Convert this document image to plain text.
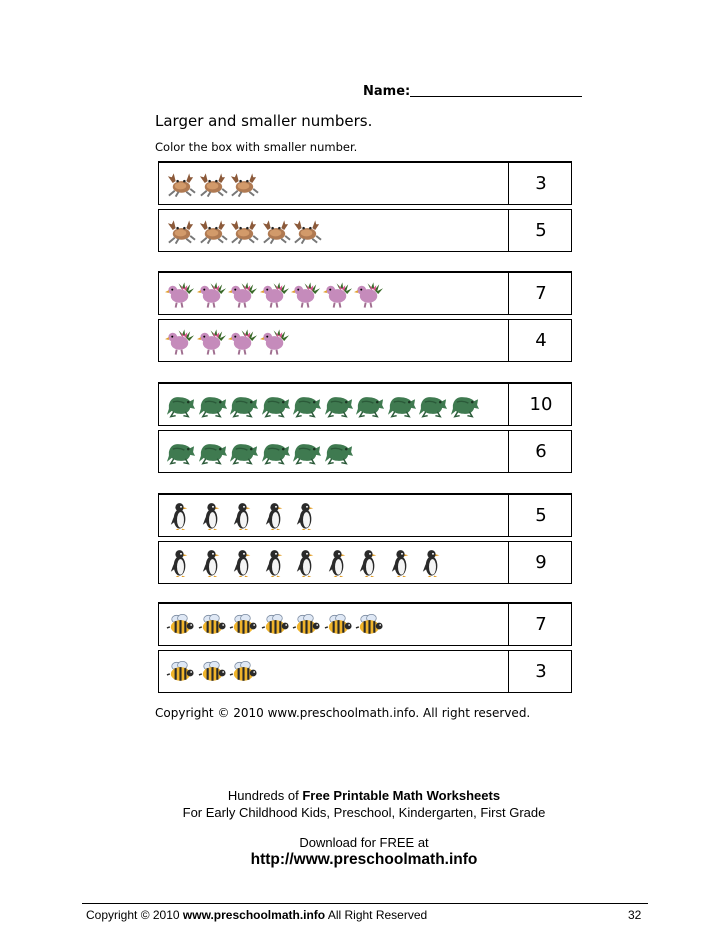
Name:
Larger and smaller numbers.
Color the box with smaller number.
3
5
7
4
10
6
5
9
7
3
Copyright © 2010 www.preschoolmath.info. All right reserved.
Hundreds of Free Printable Math Worksheets
For Early Childhood Kids, Preschool, Kindergarten, First Grade
Download for FREE at
http://www.preschoolmath.info
Copyright © 2010 www.preschoolmath.info All Right Reserved	32
